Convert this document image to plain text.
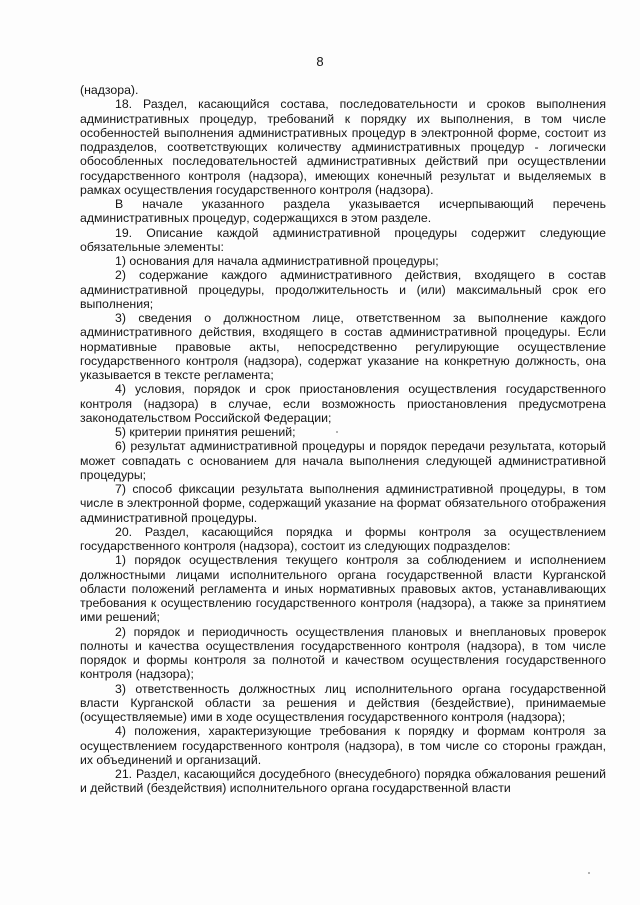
8

(надзора).

18. Раздел, касающийся состава, последовательности и сроков выполнения административных процедур, требований к порядку их выполнения, в том числе особенностей выполнения административных процедур в электронной форме, состоит из подразделов, соответствующих количеству административных процедур - логически обособленных последовательностей административных действий при осуществлении государственного контроля (надзора), имеющих конечный результат и выделяемых в рамках осуществления государственного контроля (надзора).

В начале указанного раздела указывается исчерпывающий перечень административных процедур, содержащихся в этом разделе.

19. Описание каждой административной процедуры содержит следующие обязательные элементы:

1) основания для начала административной процедуры;

2) содержание каждого административного действия, входящего в состав административной процедуры, продолжительность и (или) максимальный срок его выполнения;

3) сведения о должностном лице, ответственном за выполнение каждого административного действия, входящего в состав административной процедуры. Если нормативные правовые акты, непосредственно регулирующие осуществление государственного контроля (надзора), содержат указание на конкретную должность, она указывается в тексте регламента;

4) условия, порядок и срок приостановления осуществления государственного контроля (надзора) в случае, если возможность приостановления предусмотрена законодательством Российской Федерации;

5) критерии принятия решений;

6) результат административной процедуры и порядок передачи результата, который может совпадать с основанием для начала выполнения следующей административной процедуры;

7) способ фиксации результата выполнения административной процедуры, в том числе в электронной форме, содержащий указание на формат обязательного отображения административной процедуры.

20. Раздел, касающийся порядка и формы контроля за осуществлением государственного контроля (надзора), состоит из следующих подразделов:

1) порядок осуществления текущего контроля за соблюдением и исполнением должностными лицами исполнительного органа государственной власти Курганской области положений регламента и иных нормативных правовых актов, устанавливающих требования к осуществлению государственного контроля (надзора), а также за принятием ими решений;

2) порядок и периодичность осуществления плановых и внеплановых проверок полноты и качества осуществления государственного контроля (надзора), в том числе порядок и формы контроля за полнотой и качеством осуществления государственного контроля (надзора);

3) ответственность должностных лиц исполнительного органа государственной власти Курганской области за решения и действия (бездействие), принимаемые (осуществляемые) ими в ходе осуществления государственного контроля (надзора);

4) положения, характеризующие требования к порядку и формам контроля за осуществлением государственного контроля (надзора), в том числе со стороны граждан, их объединений и организаций.

21. Раздел, касающийся досудебного (внесудебного) порядка обжалования решений и действий (бездействия) исполнительного органа государственной власти
